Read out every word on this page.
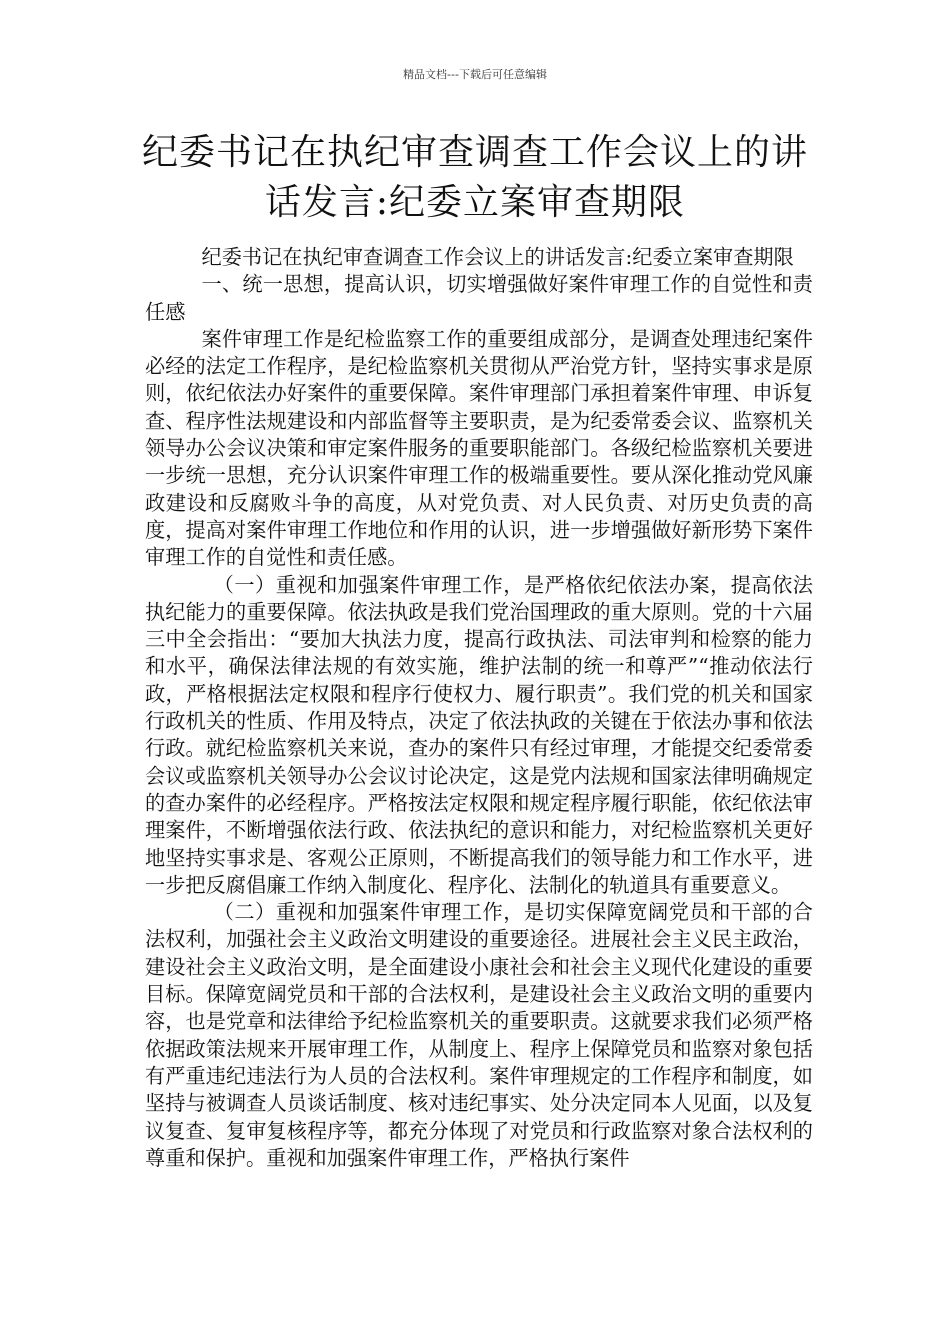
精品文档---下载后可任意编辑
纪委书记在执纪审查调查工作会议上的讲话发言:纪委立案审查期限

纪委书记在执纪审查调查工作会议上的讲话发言:纪委立案审查期限

一、统一思想，提高认识，切实增强做好案件审理工作的自觉性和责任感

案件审理工作是纪检监察工作的重要组成部分，是调查处理违纪案件必经的法定工作程序，是纪检监察机关贯彻从严治党方针，坚持实事求是原则，依纪依法办好案件的重要保障。案件审理部门承担着案件审理、申诉复查、程序性法规建设和内部监督等主要职责，是为纪委常委会议、监察机关领导办公会议决策和审定案件服务的重要职能部门。各级纪检监察机关要进一步统一思想，充分认识案件审理工作的极端重要性。要从深化推动党风廉政建设和反腐败斗争的高度，从对党负责、对人民负责、对历史负责的高度，提高对案件审理工作地位和作用的认识，进一步增强做好新形势下案件审理工作的自觉性和责任感。

（一）重视和加强案件审理工作，是严格依纪依法办案，提高依法执纪能力的重要保障。依法执政是我们党治国理政的重大原则。党的十六届三中全会指出：“要加大执法力度，提高行政执法、司法审判和检察的能力和水平，确保法律法规的有效实施，维护法制的统一和尊严”“推动依法行政，严格根据法定权限和程序行使权力、履行职责”。我们党的机关和国家行政机关的性质、作用及特点，决定了依法执政的关键在于依法办事和依法行政。就纪检监察机关来说，查办的案件只有经过审理，才能提交纪委常委会议或监察机关领导办公会议讨论决定，这是党内法规和国家法律明确规定的查办案件的必经程序。严格按法定权限和规定程序履行职能，依纪依法审理案件，不断增强依法行政、依法执纪的意识和能力，对纪检监察机关更好地坚持实事求是、客观公正原则，不断提高我们的领导能力和工作水平，进一步把反腐倡廉工作纳入制度化、程序化、法制化的轨道具有重要意义。

（二）重视和加强案件审理工作，是切实保障宽阔党员和干部的合法权利，加强社会主义政治文明建设的重要途径。进展社会主义民主政治，建设社会主义政治文明，是全面建设小康社会和社会主义现代化建设的重要目标。保障宽阔党员和干部的合法权利，是建设社会主义政治文明的重要内容，也是党章和法律给予纪检监察机关的重要职责。这就要求我们必须严格依据政策法规来开展审理工作，从制度上、程序上保障党员和监察对象包括有严重违纪违法行为人员的合法权利。案件审理规定的工作程序和制度，如坚持与被调查人员谈话制度、核对违纪事实、处分决定同本人见面，以及复议复查、复审复核程序等，都充分体现了对党员和行政监察对象合法权利的尊重和保护。重视和加强案件审理工作，严格执行案件
